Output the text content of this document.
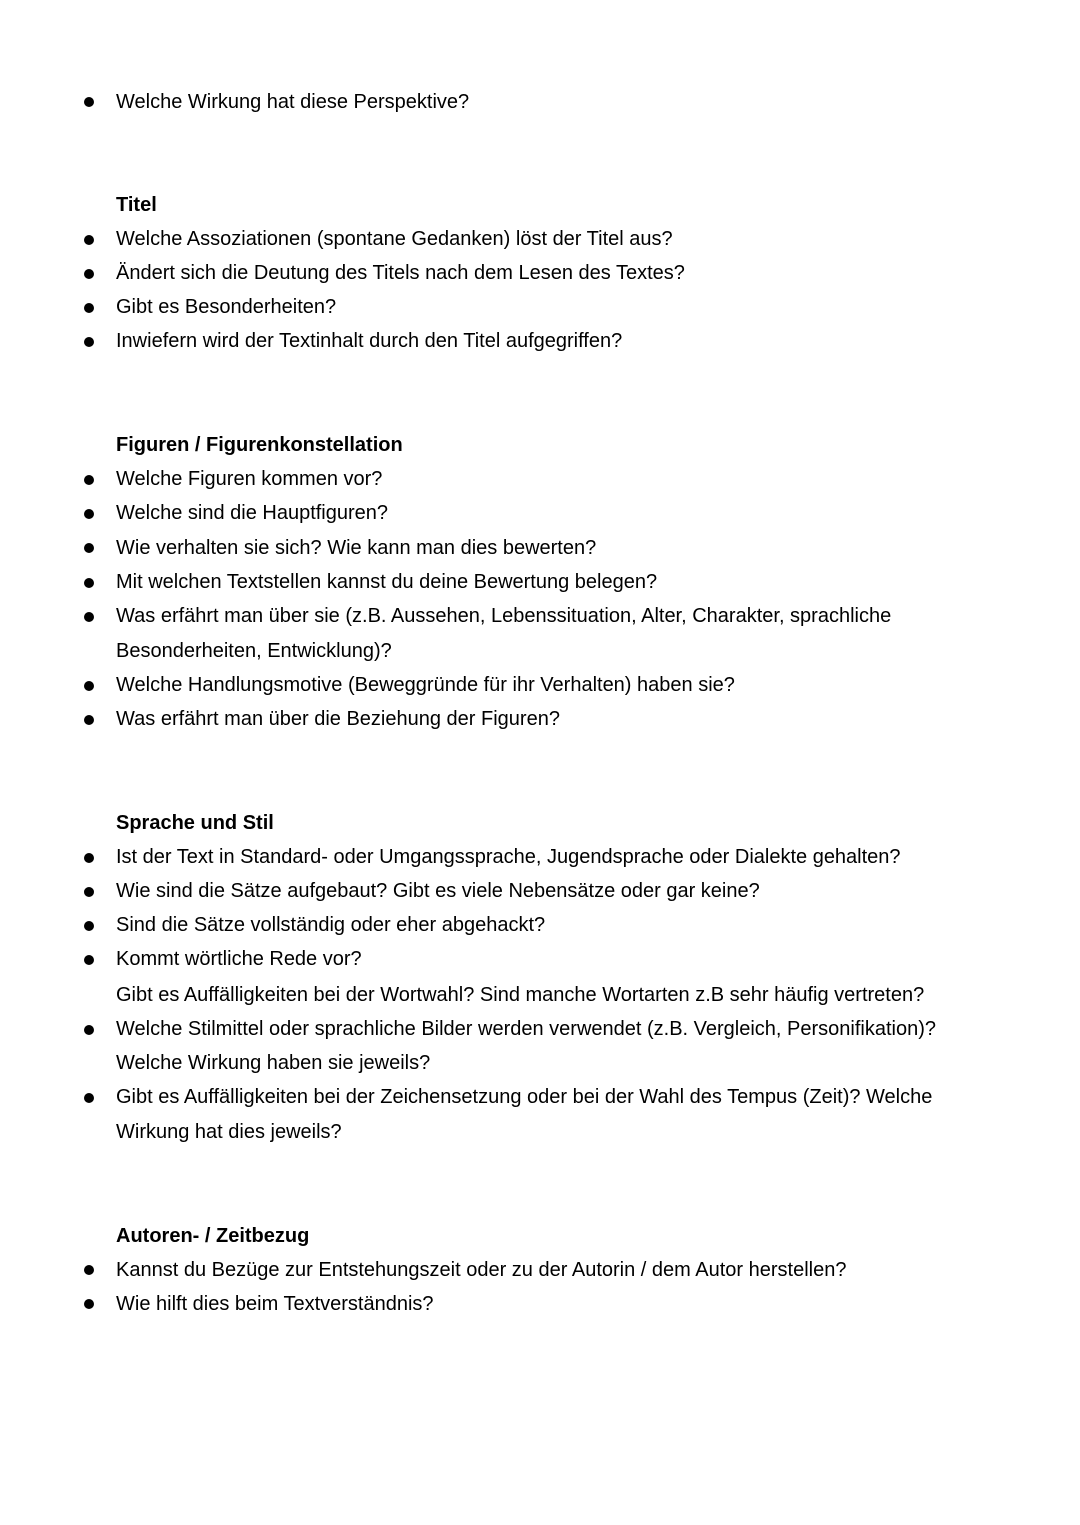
Welche Wirkung hat diese Perspektive?
Titel
Welche Assoziationen (spontane Gedanken) löst der Titel aus?
Ändert sich die Deutung des Titels nach dem Lesen des Textes?
Gibt es Besonderheiten?
Inwiefern wird der Textinhalt durch den Titel aufgegriffen?
Figuren / Figurenkonstellation
Welche Figuren kommen vor?
Welche sind die Hauptfiguren?
Wie verhalten sie sich? Wie kann man dies bewerten?
Mit welchen Textstellen kannst du deine Bewertung belegen?
Was erfährt man über sie (z.B. Aussehen, Lebenssituation, Alter, Charakter, sprachliche
Besonderheiten, Entwicklung)?
Welche Handlungsmotive (Beweggründe für ihr Verhalten) haben sie?
Was erfährt man über die Beziehung der Figuren?
Sprache und Stil
Ist der Text in Standard- oder Umgangssprache, Jugendsprache oder Dialekte gehalten?
Wie sind die Sätze aufgebaut? Gibt es viele Nebensätze oder gar keine?
Sind die Sätze vollständig oder eher abgehackt?
Kommt wörtliche Rede vor?
Gibt es Auffälligkeiten bei der Wortwahl? Sind manche Wortarten z.B sehr häufig vertreten?
Welche Stilmittel oder sprachliche Bilder werden verwendet (z.B. Vergleich, Personifikation)?
Welche Wirkung haben sie jeweils?
Gibt es Auffälligkeiten bei der Zeichensetzung oder bei der Wahl des Tempus (Zeit)? Welche
Wirkung hat dies jeweils?
Autoren- / Zeitbezug
Kannst du Bezüge zur Entstehungszeit oder zu der Autorin / dem Autor herstellen?
Wie hilft dies beim Textverständnis?
